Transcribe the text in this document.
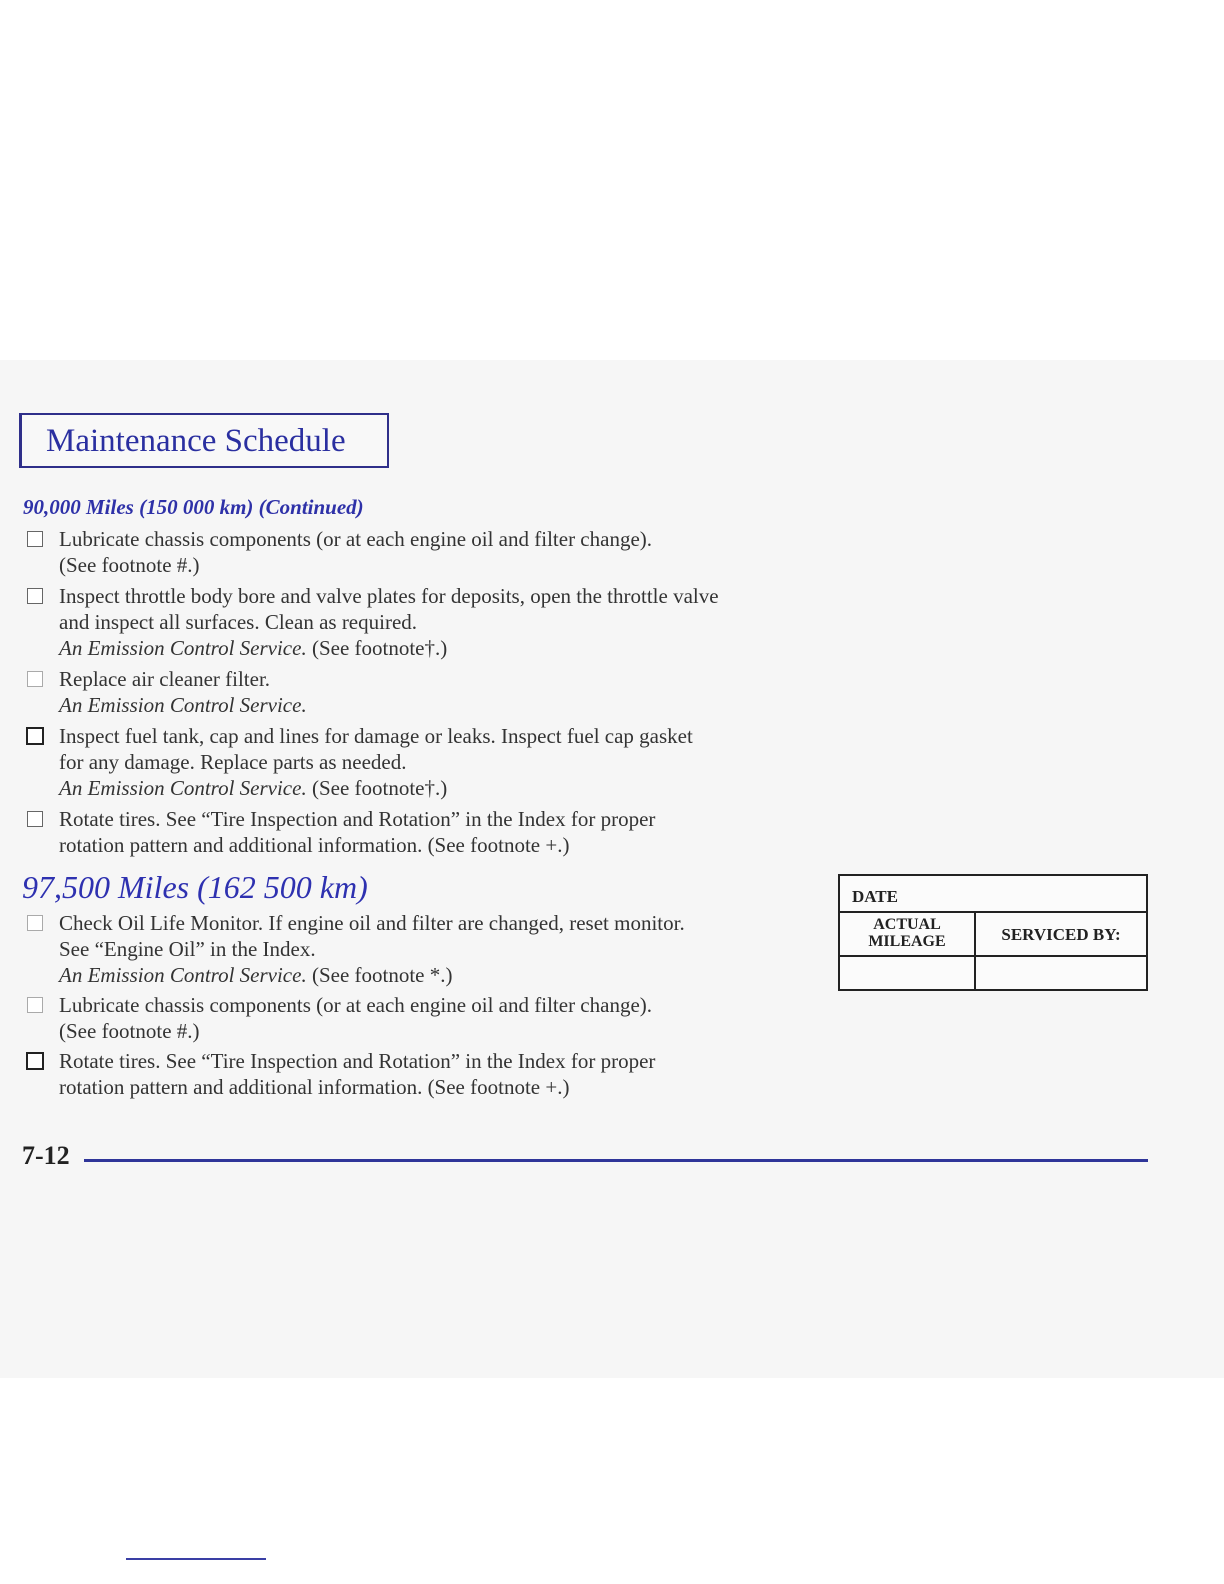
Maintenance Schedule
90,000 Miles (150 000 km) (Continued)
Lubricate chassis components (or at each engine oil and filter change).
(See footnote #.)
Inspect throttle body bore and valve plates for deposits, open the throttle valve
and inspect all surfaces. Clean as required.
An Emission Control Service. (See footnote†.)
Replace air cleaner filter.
An Emission Control Service.
Inspect fuel tank, cap and lines for damage or leaks. Inspect fuel cap gasket
for any damage. Replace parts as needed.
An Emission Control Service. (See footnote†.)
Rotate tires. See “Tire Inspection and Rotation” in the Index for proper
rotation pattern and additional information. (See footnote +.)
97,500 Miles (162 500 km)
Check Oil Life Monitor. If engine oil and filter are changed, reset monitor.
See “Engine Oil” in the Index.
An Emission Control Service. (See footnote *.)
Lubricate chassis components (or at each engine oil and filter change).
(See footnote #.)
Rotate tires. See “Tire Inspection and Rotation” in the Index for proper
rotation pattern and additional information. (See footnote +.)
DATE
ACTUAL
MILEAGE	SERVICED BY:
7-12
